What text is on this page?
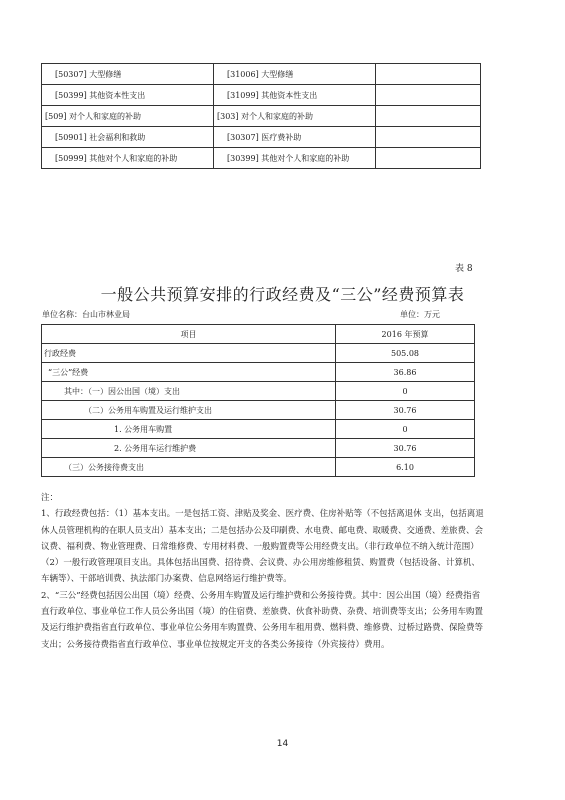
[50307] 大型修缮	[31006] 大型修缮	
[50399] 其他资本性支出	[31099] 其他资本性支出	
[509] 对个人和家庭的补助	[303] 对个人和家庭的补助	
[50901] 社会福利和救助	[30307] 医疗费补助	
[50999] 其他对个人和家庭的补助	[30399] 其他对个人和家庭的补助	
表 8
一般公共预算安排的行政经费及“三公”经费预算表
单位名称：台山市林业局	单位：万元
项目	2016 年预算
行政经费	505.08
“三公”经费	36.86
其中：（一）因公出国（境）支出	0
（二）公务用车购置及运行维护支出	30.76
1. 公务用车购置	0
2. 公务用车运行维护费	30.76
（三）公务接待费支出	6.10

注：

1、行政经费包括：（1）基本支出。一是包括工资、津贴及奖金、医疗费、住房补贴等（不包括离退休 支出，包括离退休人员管理机构的在职人员支出）基本支出；二是包括办公及印刷费、水电费、邮电费、取暖费、交通费、差旅费、会议费、福利费、物业管理费、日常维修费、专用材料费、一般购置费等公用经费支出。（非行政单位不纳入统计范围）（2）一般行政管理项目支出。具体包括出国费、招待费、会议费、办公用房维修租赁、购置费（包括设备、计算机、车辆等）、干部培训费、执法部门办案费、信息网络运行维护费等。

2、“三公”经费包括因公出国（境）经费、公务用车购置及运行维护费和公务接待费。其中：因公出国（境）经费指省直行政单位、事业单位工作人员公务出国（境）的住宿费、差旅费、伙食补助费、杂费、培训费等支出；公务用车购置及运行维护费指省直行政单位、事业单位公务用车购置费、公务用车租用费、燃料费、维修费、过桥过路费、保险费等支出；公务接待费指省直行政单位、事业单位按规定开支的各类公务接待（外宾接待）费用。

14
